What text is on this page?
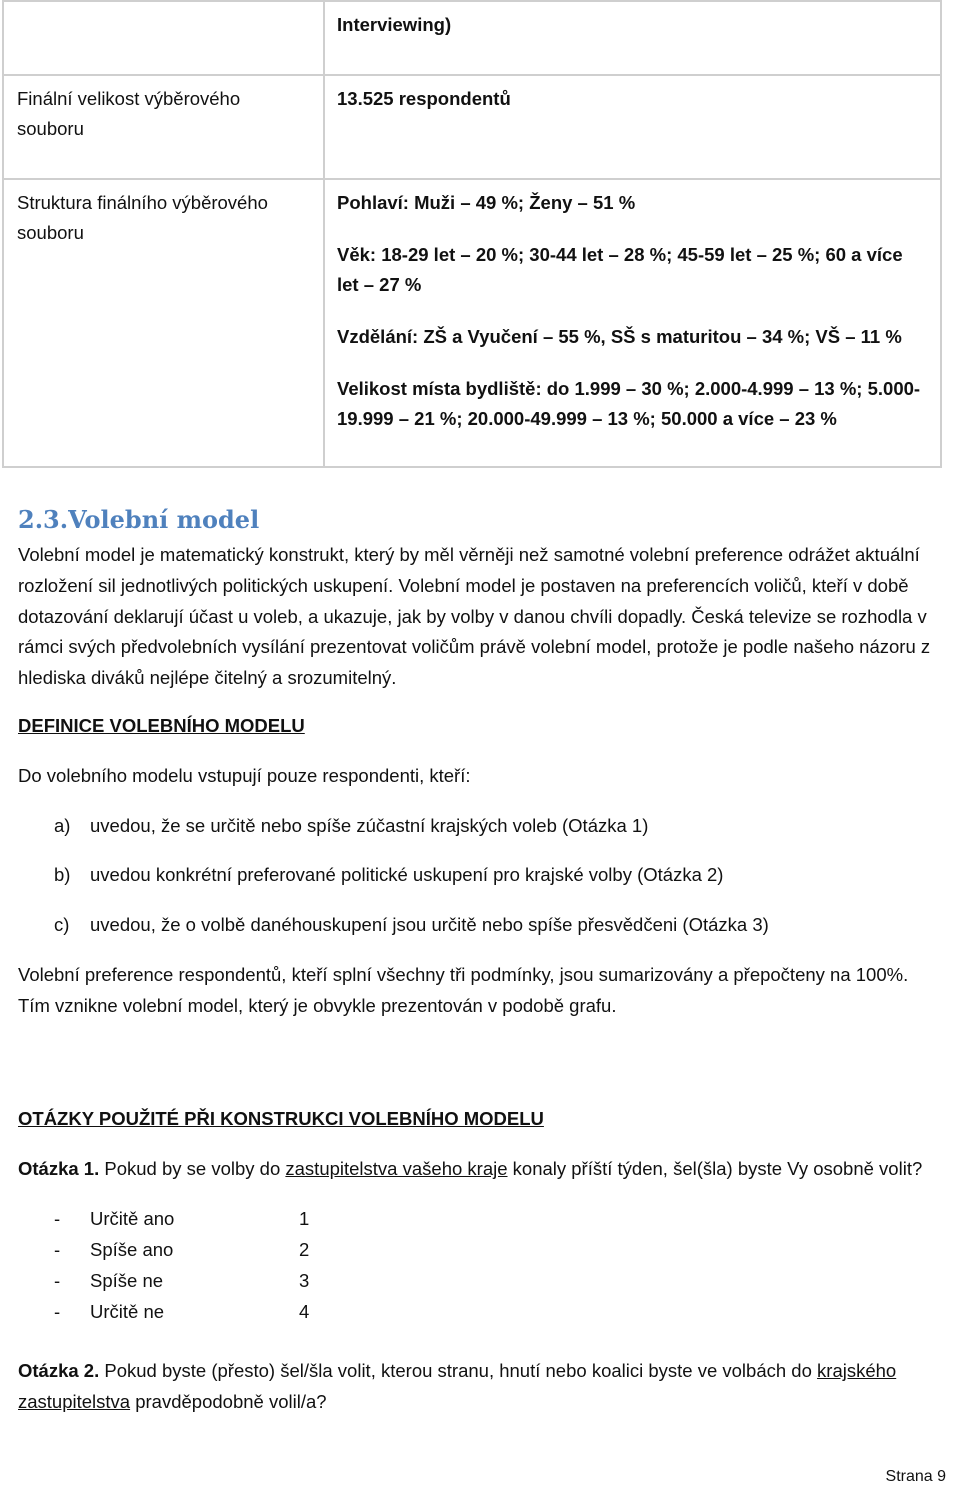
	Interviewing)
Finální velikost výběrového souboru	13.525 respondentů
Struktura finálního výběrového souboru	Pohlaví: Muži – 49 %; Ženy – 51 %

Věk: 18-29 let – 20 %; 30-44 let – 28 %; 45-59 let – 25 %; 60 a více let – 27 %

Vzdělání: ZŠ a Vyučení – 55 %, SŠ s maturitou – 34 %; VŠ – 11 %

Velikost místa bydliště: do 1.999 – 30 %; 2.000-4.999 – 13 %; 5.000-19.999 – 21 %; 20.000-49.999 – 13 %; 50.000 a více – 23 %

2.3.Volební model

Volební model je matematický konstrukt, který by měl věrněji než samotné volební preference odrážet aktuální rozložení sil jednotlivých politických uskupení. Volební model je postaven na preferencích voličů, kteří v době dotazování deklarují účast u voleb, a ukazuje, jak by volby v danou chvíli dopadly. Česká televize se rozhodla v rámci svých předvolebních vysílání prezentovat voličům právě volební model, protože je podle našeho názoru z hlediska diváků nejlépe čitelný a srozumitelný.

DEFINICE VOLEBNÍHO MODELU

Do volebního modelu vstupují pouze respondenti, kteří:

a)	uvedou, že se určitě nebo spíše zúčastní krajských voleb (Otázka 1)
b)	uvedou konkrétní preferované politické uskupení pro krajské volby (Otázka 2)
c)	uvedou, že o volbě danéhouskupení jsou určitě nebo spíše přesvědčeni (Otázka 3)

Volební preference respondentů, kteří splní všechny tři podmínky, jsou sumarizovány a přepočteny na 100%. Tím vznikne volební model, který je obvykle prezentován v podobě grafu.

OTÁZKY POUŽITÉ PŘI KONSTRUKCI VOLEBNÍHO MODELU

Otázka 1. Pokud by se volby do zastupitelstva vašeho kraje konaly příští týden, šel(šla) byste Vy osobně volit?

-	Určitě ano	1
-	Spíše ano	2
-	Spíše ne	3
-	Určitě ne	4

Otázka 2. Pokud byste (přesto) šel/šla volit, kterou stranu, hnutí nebo koalici byste ve volbách do krajského zastupitelstva pravděpodobně volil/a?

Strana 9
